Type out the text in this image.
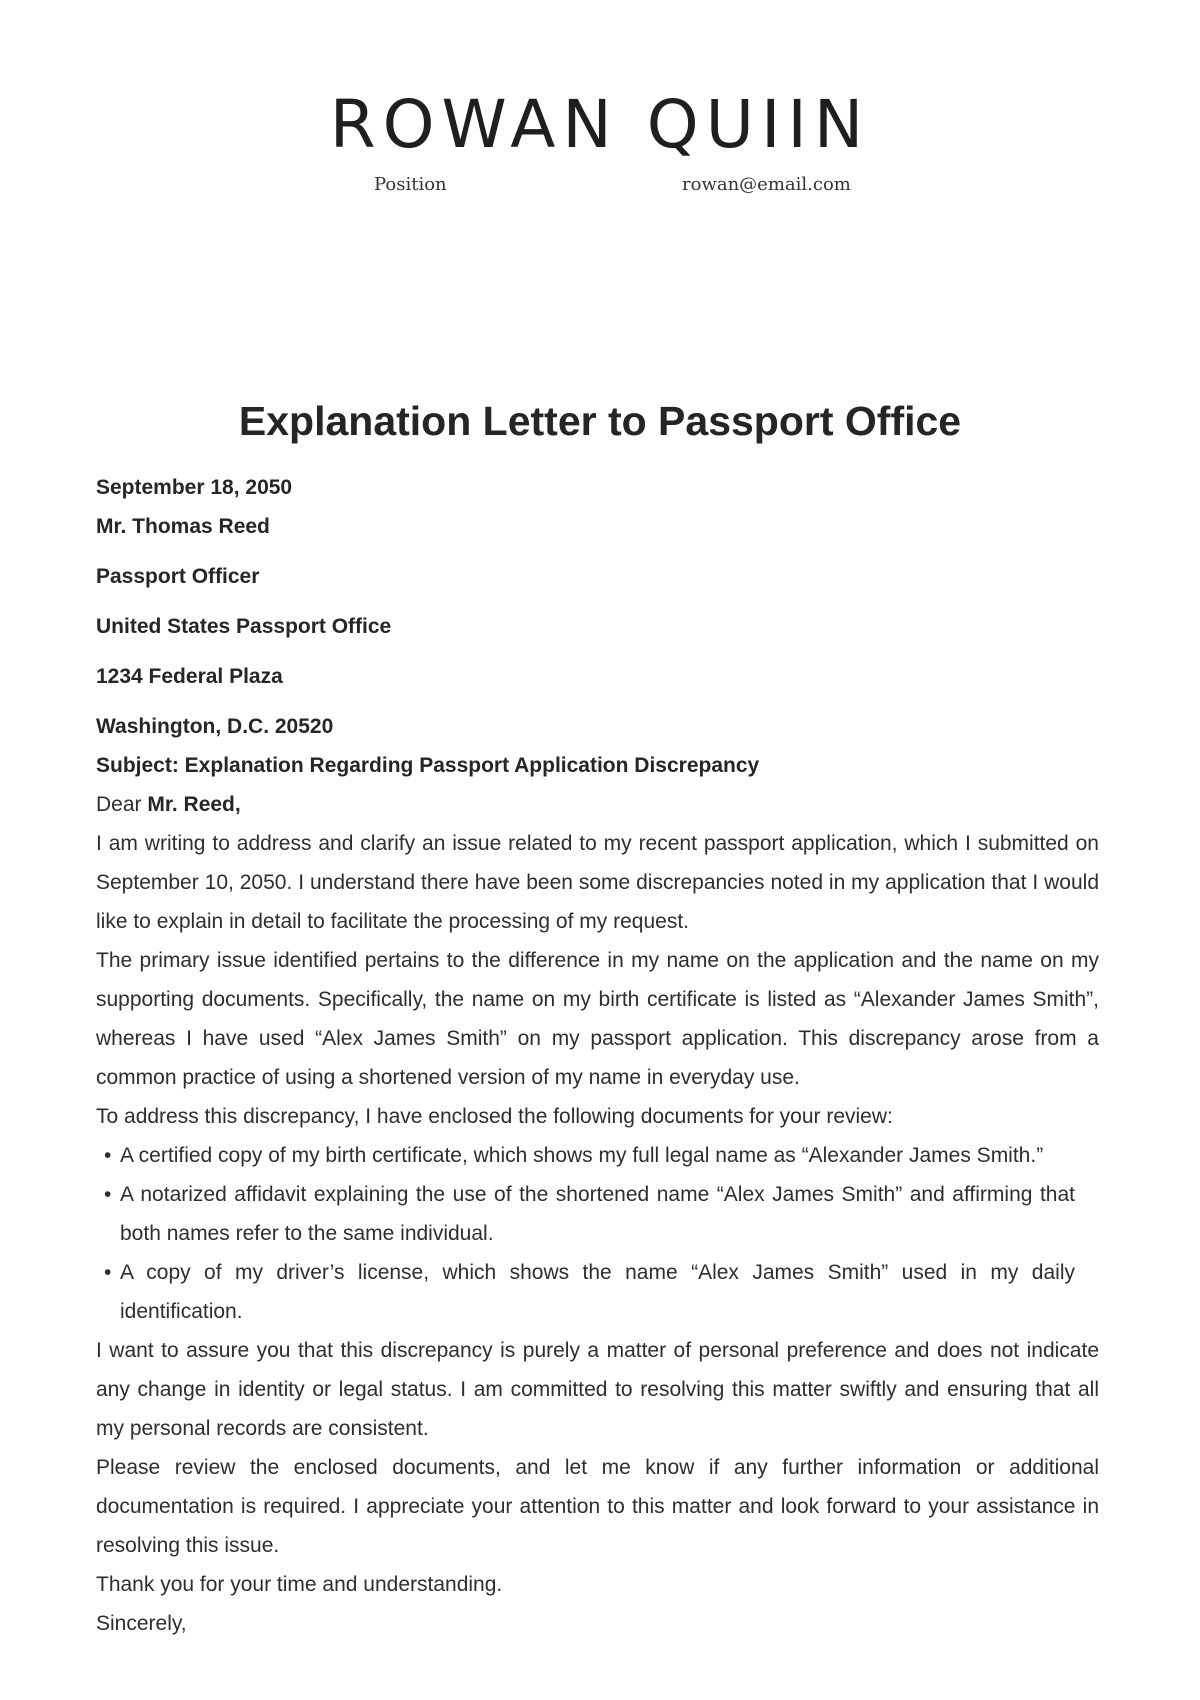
ROWAN QUIIN
Position	rowan@email.com
Explanation Letter to Passport Office

September 18, 2050

Mr. Thomas Reed

Passport Officer

United States Passport Office

1234 Federal Plaza

Washington, D.C. 20520

Subject: Explanation Regarding Passport Application Discrepancy

Dear Mr. Reed,

I am writing to address and clarify an issue related to my recent passport application, which I submitted on September 10, 2050. I understand there have been some discrepancies noted in my application that I would like to explain in detail to facilitate the processing of my request.

The primary issue identified pertains to the difference in my name on the application and the name on my supporting documents. Specifically, the name on my birth certificate is listed as “Alexander James Smith”, whereas I have used “Alex James Smith” on my passport application. This discrepancy arose from a common practice of using a shortened version of my name in everyday use.

To address this discrepancy, I have enclosed the following documents for your review:

• A certified copy of my birth certificate, which shows my full legal name as “Alexander James Smith.”
• A notarized affidavit explaining the use of the shortened name “Alex James Smith” and affirming that both names refer to the same individual.
• A copy of my driver’s license, which shows the name “Alex James Smith” used in my daily identification.

I want to assure you that this discrepancy is purely a matter of personal preference and does not indicate any change in identity or legal status. I am committed to resolving this matter swiftly and ensuring that all my personal records are consistent.

Please review the enclosed documents, and let me know if any further information or additional documentation is required. I appreciate your attention to this matter and look forward to your assistance in resolving this issue.

Thank you for your time and understanding.

Sincerely,
